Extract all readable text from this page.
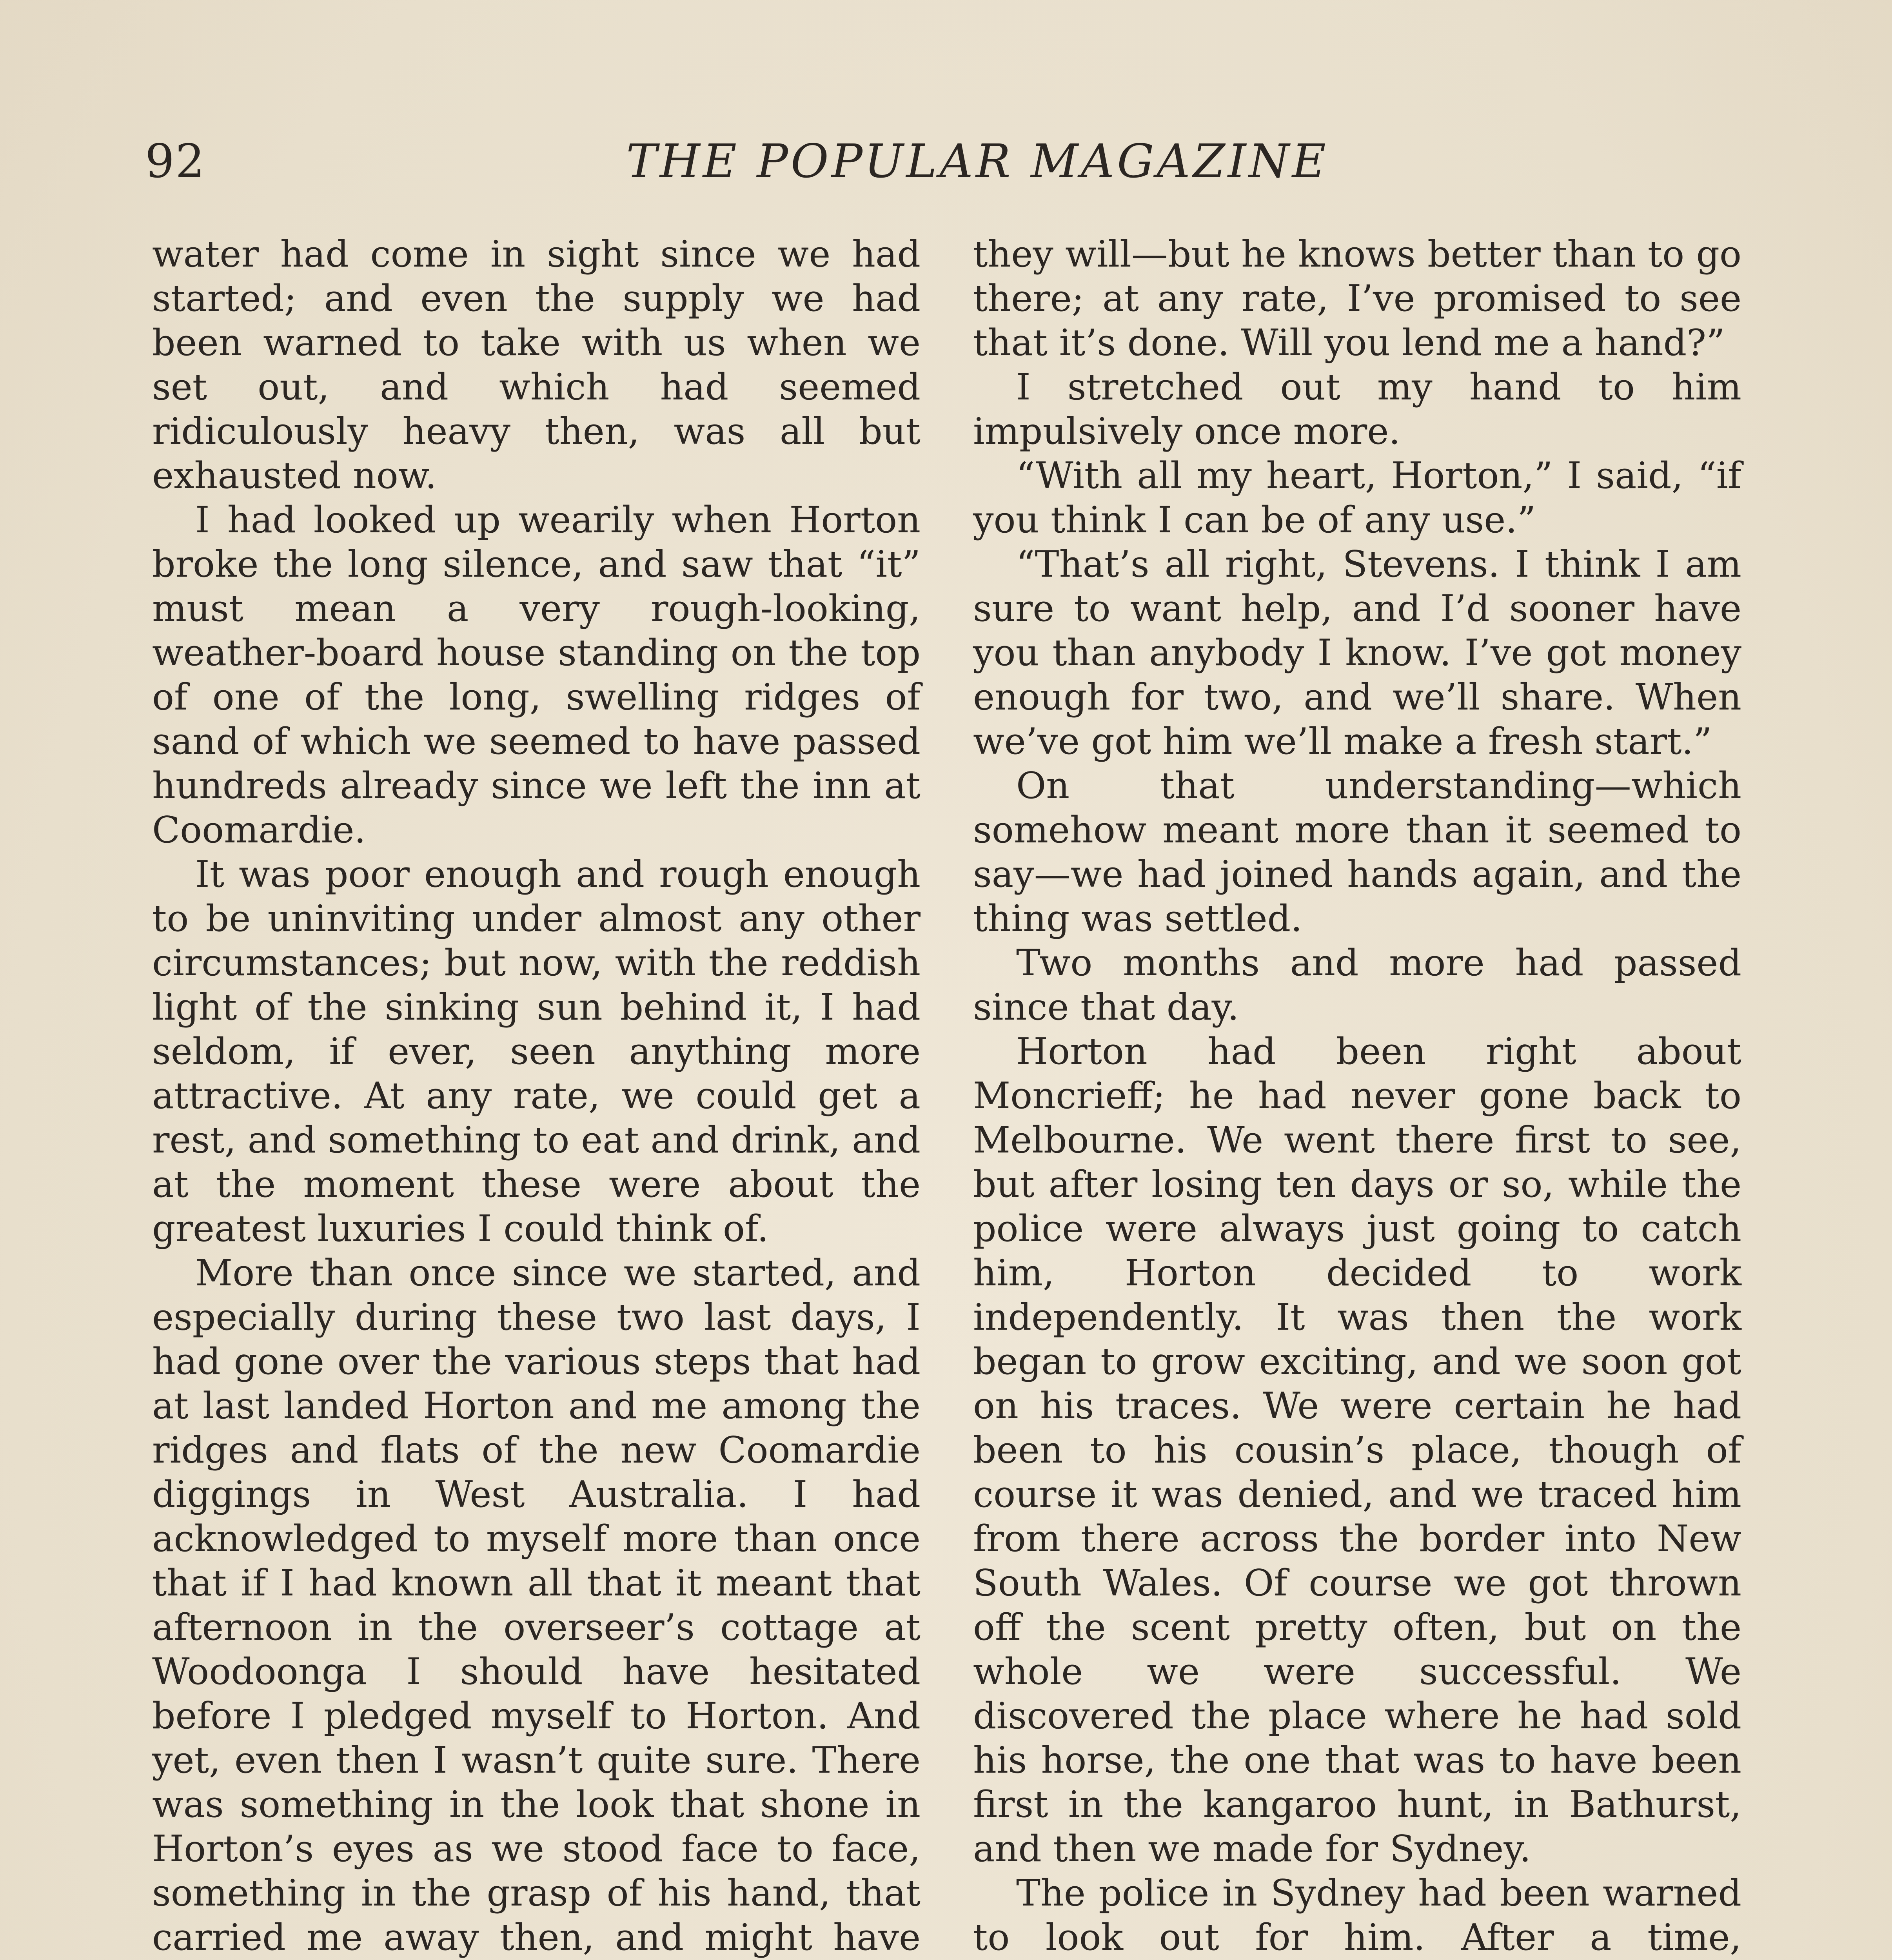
92	THE POPULAR MAGAZINE

water had come in sight since we had started; and even the supply we had been warned to take with us when we set out, and which had seemed ridiculously heavy then, was all but exhausted now.

I had looked up wearily when Horton broke the long silence, and saw that “it” must mean a very rough-looking, weather-board house standing on the top of one of the long, swelling ridges of sand of which we seemed to have passed hundreds already since we left the inn at Coomardie.

It was poor enough and rough enough to be uninviting under almost any other circumstances; but now, with the reddish light of the sinking sun behind it, I had seldom, if ever, seen anything more attractive. At any rate, we could get a rest, and something to eat and drink, and at the moment these were about the greatest luxuries I could think of.

More than once since we started, and especially during these two last days, I had gone over the various steps that had at last landed Horton and me among the ridges and flats of the new Coomardie diggings in West Australia. I had acknowledged to myself more than once that if I had known all that it meant that afternoon in the overseer’s cottage at Woodoonga I should have hesitated before I pledged myself to Horton. And yet, even then I wasn’t quite sure. There was something in the look that shone in Horton’s eyes as we stood face to face, something in the grasp of his hand, that carried me away then, and might have

they will—but he knows better than to go there; at any rate, I’ve promised to see that it’s done. Will you lend me a hand?”

I stretched out my hand to him impulsively once more.

“With all my heart, Horton,” I said, “if you think I can be of any use.”

“That’s all right, Stevens. I think I am sure to want help, and I’d sooner have you than anybody I know. I’ve got money enough for two, and we’ll share. When we’ve got him we’ll make a fresh start.”

On that understanding—which somehow meant more than it seemed to say—we had joined hands again, and the thing was settled.

Two months and more had passed since that day.

Horton had been right about Moncrieff; he had never gone back to Melbourne. We went there first to see, but after losing ten days or so, while the police were always just going to catch him, Horton decided to work independently. It was then the work began to grow exciting, and we soon got on his traces. We were certain he had been to his cousin’s place, though of course it was denied, and we traced him from there across the border into New South Wales. Of course we got thrown off the scent pretty often, but on the whole we were successful. We discovered the place where he had sold his horse, the one that was to have been first in the kangaroo hunt, in Bathurst, and then we made for Sydney.

The police in Sydney had been warned to look out for him. After a time,
